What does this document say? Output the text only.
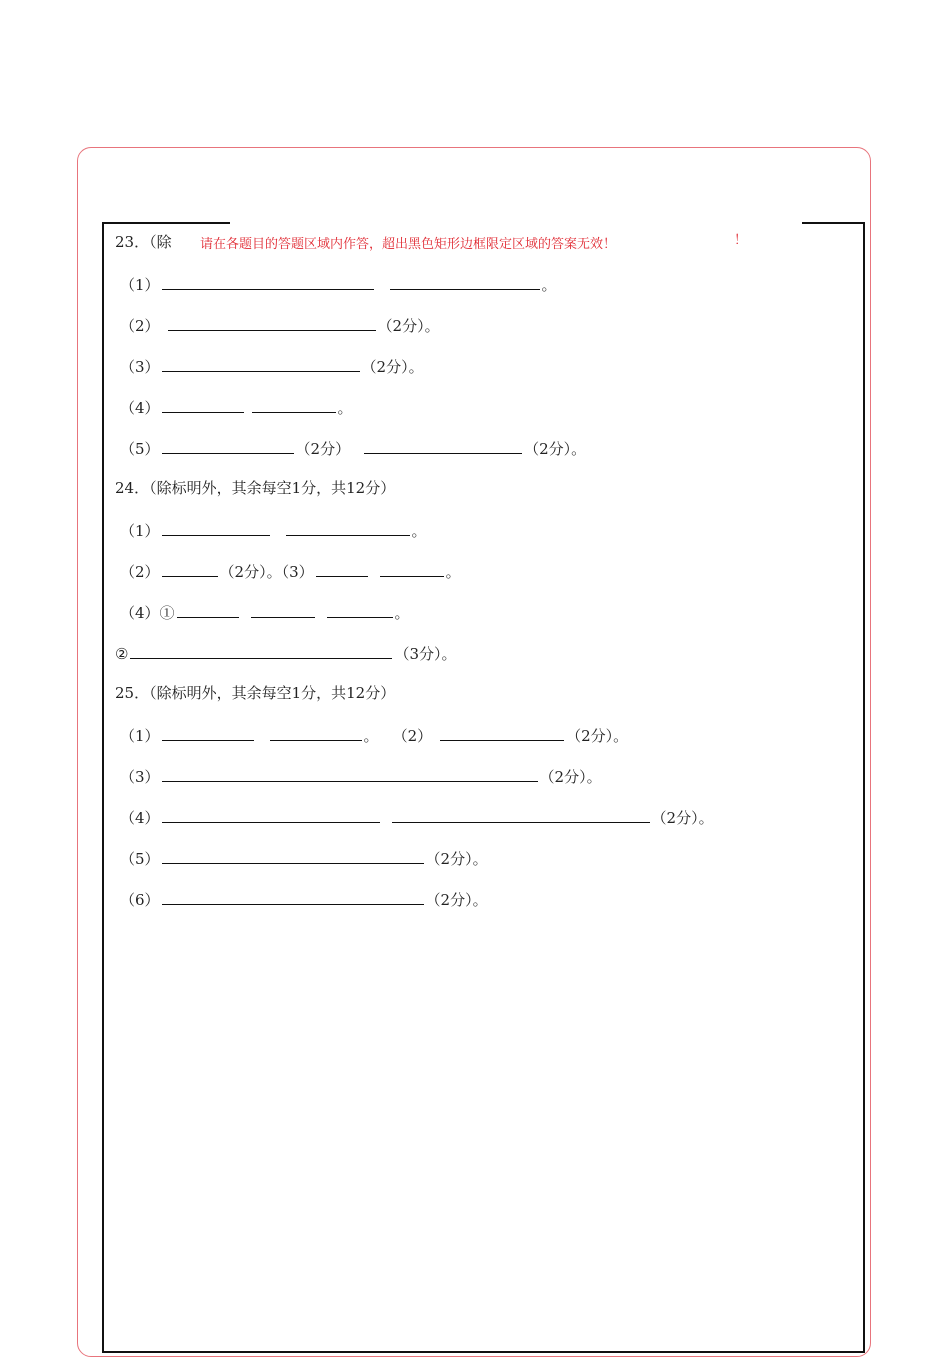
23．（除	请在各题目的答题区域内作答，超出黑色矩形边框限定区域的答案无效！	！
（1）	。
（2）	（2分）。
（3）	（2分）。
（4）	。
（5）	（2分）	（2分）。
24．（除标明外，其余每空1分，共12分）
（1）	。
（2）	（2分）。（3）	。
（4）①	。
②	（3分）。
25．（除标明外，其余每空1分，共12分）
（1）	。 （2）	（2分）。
（3）	（2分）。
（4）	（2分）。
（5）	（2分）。
（6）	（2分）。
